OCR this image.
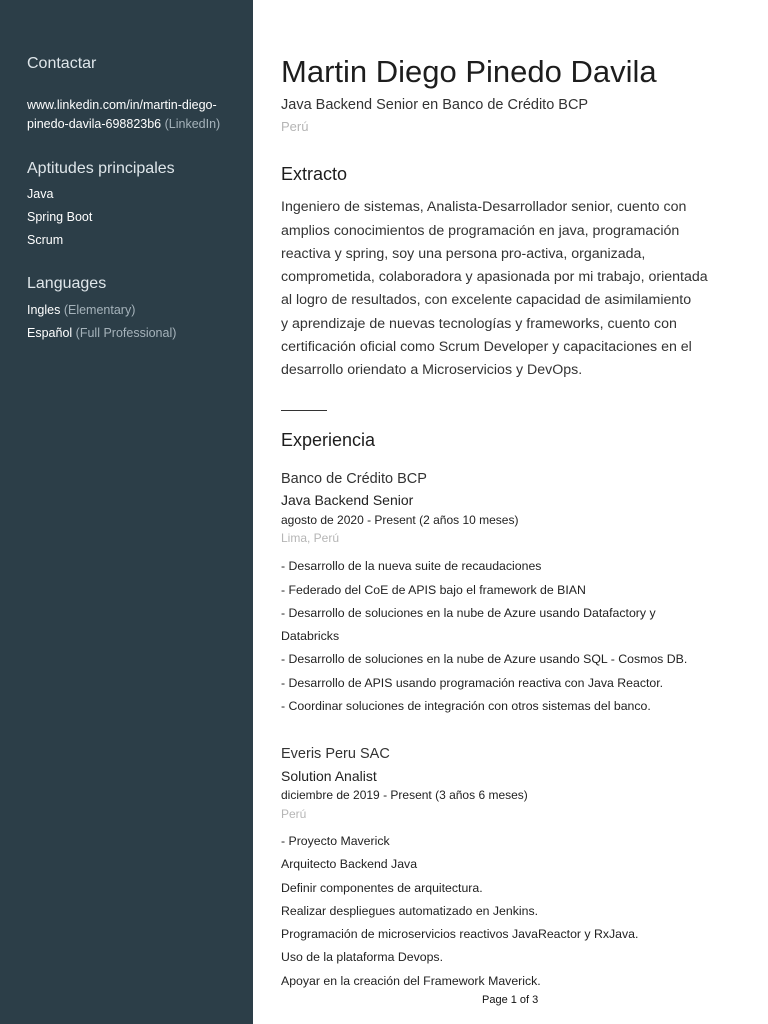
Contactar
www.linkedin.com/in/martin-diego-
pinedo-davila-698823b6 (LinkedIn)
Aptitudes principales
Java
Spring Boot
Scrum
Languages
Ingles (Elementary)
Español (Full Professional)
Martin Diego Pinedo Davila
Java Backend Senior en Banco de Crédito BCP
Perú
Extracto
Ingeniero de sistemas, Analista-Desarrollador senior, cuento con
amplios conocimientos de programación en java, programación
reactiva y spring, soy una persona pro-activa, organizada,
comprometida, colaboradora y apasionada por mi trabajo, orientada
al logro de resultados, con excelente capacidad de asimilamiento
y aprendizaje de nuevas tecnologías y frameworks, cuento con
certificación oficial como Scrum Developer y capacitaciones en el
desarrollo oriendato a Microservicios y DevOps.
Experiencia
Banco de Crédito BCP
Java Backend Senior
agosto de 2020 - Present (2 años 10 meses)
Lima, Perú
- Desarrollo de la nueva suite de recaudaciones
- Federado del CoE de APIS bajo el framework de BIAN
- Desarrollo de soluciones en la nube de Azure usando Datafactory y
Databricks
- Desarrollo de soluciones en la nube de Azure usando SQL - Cosmos DB.
- Desarrollo de APIS usando programación reactiva con Java Reactor.
- Coordinar soluciones de integración con otros sistemas del banco.
Everis Peru SAC
Solution Analist
diciembre de 2019 - Present (3 años 6 meses)
Perú
- Proyecto Maverick
Arquitecto Backend Java
Definir componentes de arquitectura.
Realizar despliegues automatizado en Jenkins.
Programación de microservicios reactivos JavaReactor y RxJava.
Uso de la plataforma Devops.
Apoyar en la creación del Framework Maverick.
Page 1 of 3
